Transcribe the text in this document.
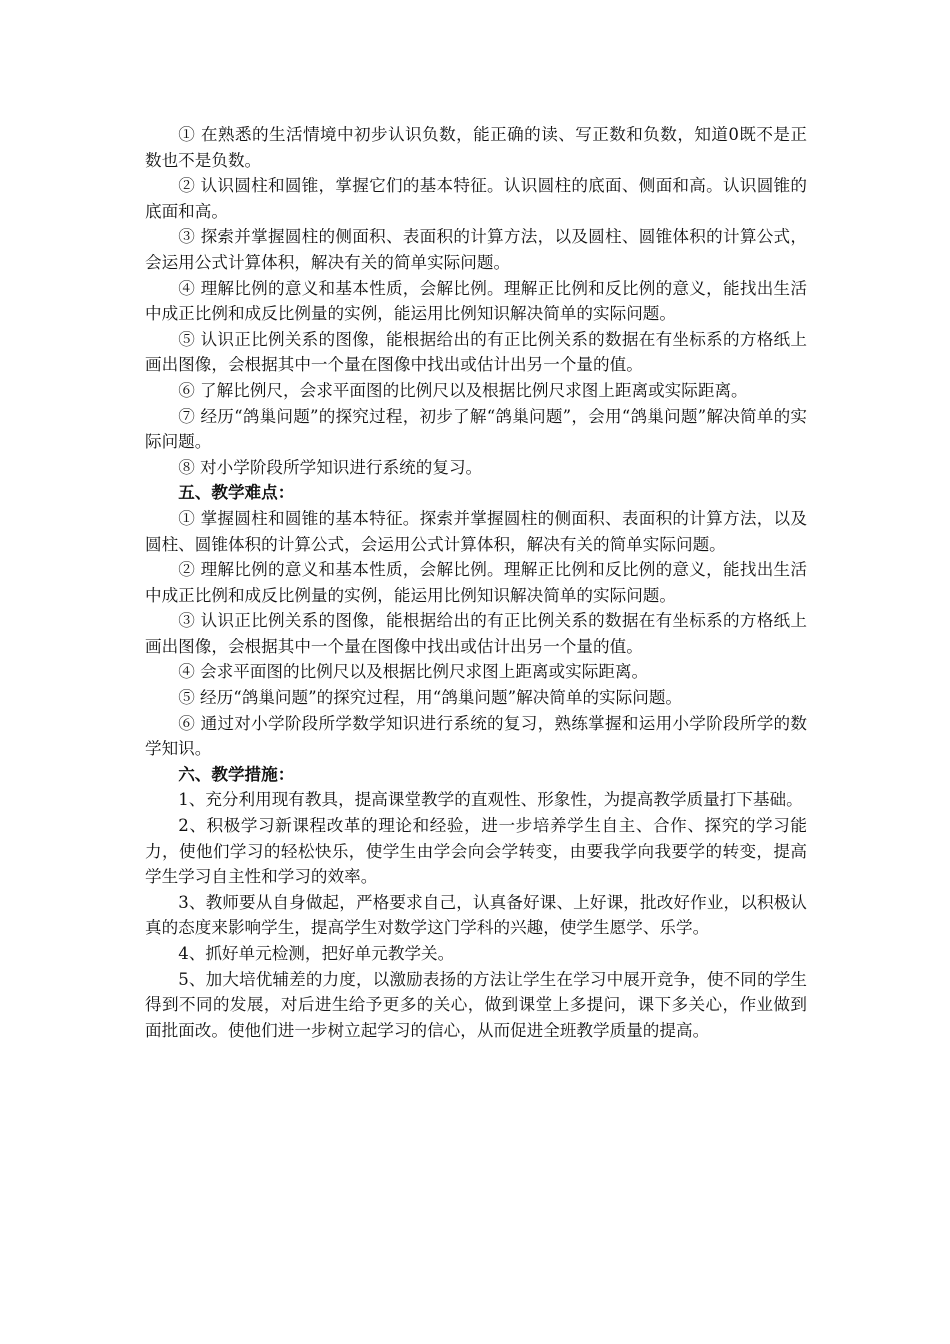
① 在熟悉的生活情境中初步认识负数，能正确的读、写正数和负数，知道0既不是正数也不是负数。

② 认识圆柱和圆锥，掌握它们的基本特征。认识圆柱的底面、侧面和高。认识圆锥的底面和高。

③ 探索并掌握圆柱的侧面积、表面积的计算方法，以及圆柱、圆锥体积的计算公式，会运用公式计算体积，解决有关的简单实际问题。

④ 理解比例的意义和基本性质，会解比例。理解正比例和反比例的意义，能找出生活中成正比例和成反比例量的实例，能运用比例知识解决简单的实际问题。

⑤ 认识正比例关系的图像，能根据给出的有正比例关系的数据在有坐标系的方格纸上画出图像，会根据其中一个量在图像中找出或估计出另一个量的值。

⑥ 了解比例尺，会求平面图的比例尺以及根据比例尺求图上距离或实际距离。

⑦ 经历“鸽巢问题”的探究过程，初步了解“鸽巢问题”，会用“鸽巢问题”解决简单的实际问题。

⑧ 对小学阶段所学知识进行系统的复习。

五、教学难点：

① 掌握圆柱和圆锥的基本特征。探索并掌握圆柱的侧面积、表面积的计算方法，以及圆柱、圆锥体积的计算公式，会运用公式计算体积，解决有关的简单实际问题。

② 理解比例的意义和基本性质，会解比例。理解正比例和反比例的意义，能找出生活中成正比例和成反比例量的实例，能运用比例知识解决简单的实际问题。

③ 认识正比例关系的图像，能根据给出的有正比例关系的数据在有坐标系的方格纸上画出图像，会根据其中一个量在图像中找出或估计出另一个量的值。

④ 会求平面图的比例尺以及根据比例尺求图上距离或实际距离。

⑤ 经历“鸽巢问题”的探究过程，用“鸽巢问题”解决简单的实际问题。

⑥ 通过对小学阶段所学数学知识进行系统的复习，熟练掌握和运用小学阶段所学的数学知识。

六、教学措施：

1、充分利用现有教具，提高课堂教学的直观性、形象性，为提高教学质量打下基础。

2、积极学习新课程改革的理论和经验，进一步培养学生自主、合作、探究的学习能力，使他们学习的轻松快乐，使学生由学会向会学转变，由要我学向我要学的转变，提高学生学习自主性和学习的效率。

3、教师要从自身做起，严格要求自己，认真备好课、上好课，批改好作业，以积极认真的态度来影响学生，提高学生对数学这门学科的兴趣，使学生愿学、乐学。

4、抓好单元检测，把好单元教学关。

5、加大培优辅差的力度，以激励表扬的方法让学生在学习中展开竞争，使不同的学生得到不同的发展，对后进生给予更多的关心，做到课堂上多提问，课下多关心，作业做到面批面改。使他们进一步树立起学习的信心，从而促进全班教学质量的提高。
